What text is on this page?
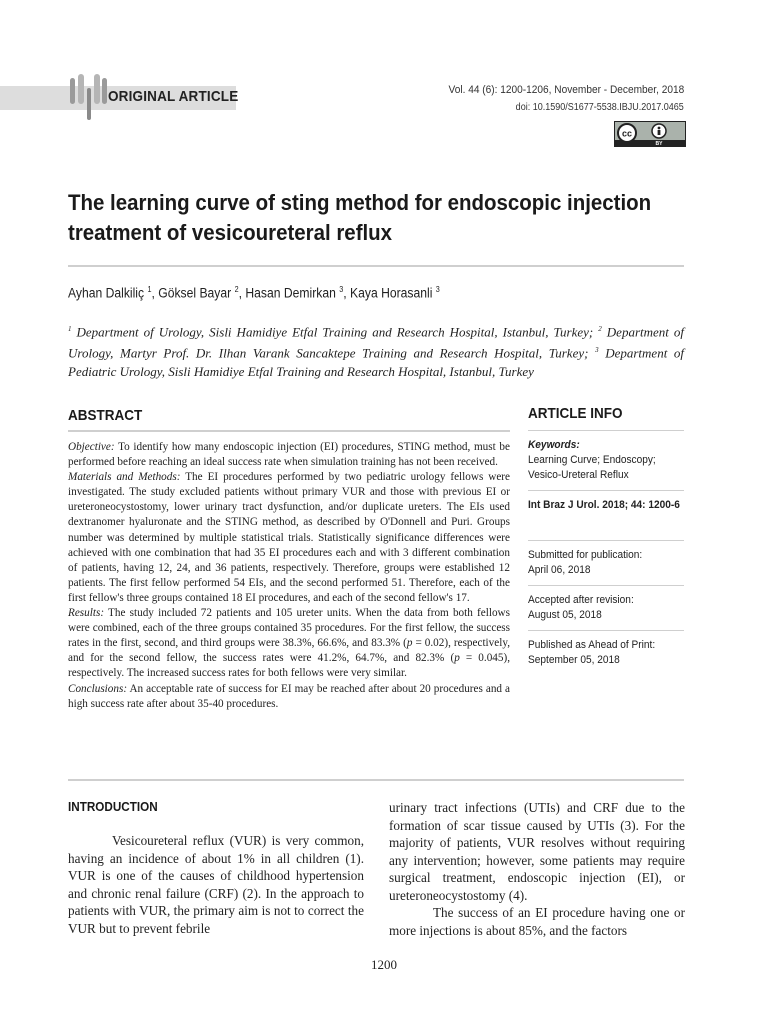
ORIGINAL ARTICLE	Vol. 44 (6): 1200-1206, November - December, 2018
doi: 10.1590/S1677-5538.IBJU.2017.0465
cc
BY
The learning curve of sting method for endoscopic injection treatment of vesicoureteral reflux
Ayhan Dalkiliç $^1$, Göksel Bayar $^2$, Hasan Demirkan $^3$, Kaya Horasanli $^3$
$^1$ Department of Urology, Sisli Hamidiye Etfal Training and Research Hospital, Istanbul, Turkey; $^2$ Department of Urology, Martyr Prof. Dr. Ilhan Varank Sancaktepe Training and Research Hospital, Turkey; $^3$ Department of Pediatric Urology, Sisli Hamidiye Etfal Training and Research Hospital, Istanbul, Turkey
ABSTRACT

Objective: To identify how many endoscopic injection (EI) procedures, STING method, must be performed before reaching an ideal success rate when simulation training has not been received.

Materials and Methods: The EI procedures performed by two pediatric urology fellows were investigated. The study excluded patients without primary VUR and those with previous EI or ureteroneocystostomy, lower urinary tract dysfunction, and/or duplicate ureters. The EIs used dextranomer hyaluronate and the STING method, as described by O'Donnell and Puri. Groups number was determined by multiple statistical trials. Statistically significance differences were achieved with one combination that had 35 EI procedures each and with 3 different combination of patients, having 12, 24, and 36 patients, respectively. Therefore, groups were established 12 patients. The first fellow performed 54 EIs, and the second performed 51. Therefore, each of the first fellow's three groups contained 18 EI procedures, and each of the second fellow's 17.

Results: The study included 72 patients and 105 ureter units. When the data from both fellows were combined, each of the three groups contained 35 procedures. For the first fellow, the success rates in the first, second, and third groups were 38.3%, 66.6%, and 83.3% (p = 0.02), respectively, and for the second fellow, the success rates were 41.2%, 64.7%, and 82.3% (p = 0.045), respectively. The increased success rates for both fellows were very similar.

Conclusions: An acceptable rate of success for EI may be reached after about 20 procedures and a high success rate after about 35-40 procedures.

ARTICLE INFO
Keywords:
Learning Curve; Endoscopy;
Vesico-Ureteral Reflux
Int Braz J Urol. 2018; 44: 1200-6
Submitted for publication:
April 06, 2018
Accepted after revision:
August 05, 2018
Published as Ahead of Print:
September 05, 2018
INTRODUCTION

Vesicoureteral reflux (VUR) is very common, having an incidence of about 1% in all children (1). VUR is one of the causes of childhood hypertension and chronic renal failure (CRF) (2). In the approach to patients with VUR, the primary aim is not to correct the VUR but to prevent febrile

urinary tract infections (UTIs) and CRF due to the formation of scar tissue caused by UTIs (3). For the majority of patients, VUR resolves without requiring any intervention; however, some patients may require surgical treatment, endoscopic injection (EI), or ureteroneocystostomy (4).

The success of an EI procedure having one or more injections is about 85%, and the factors

1200
